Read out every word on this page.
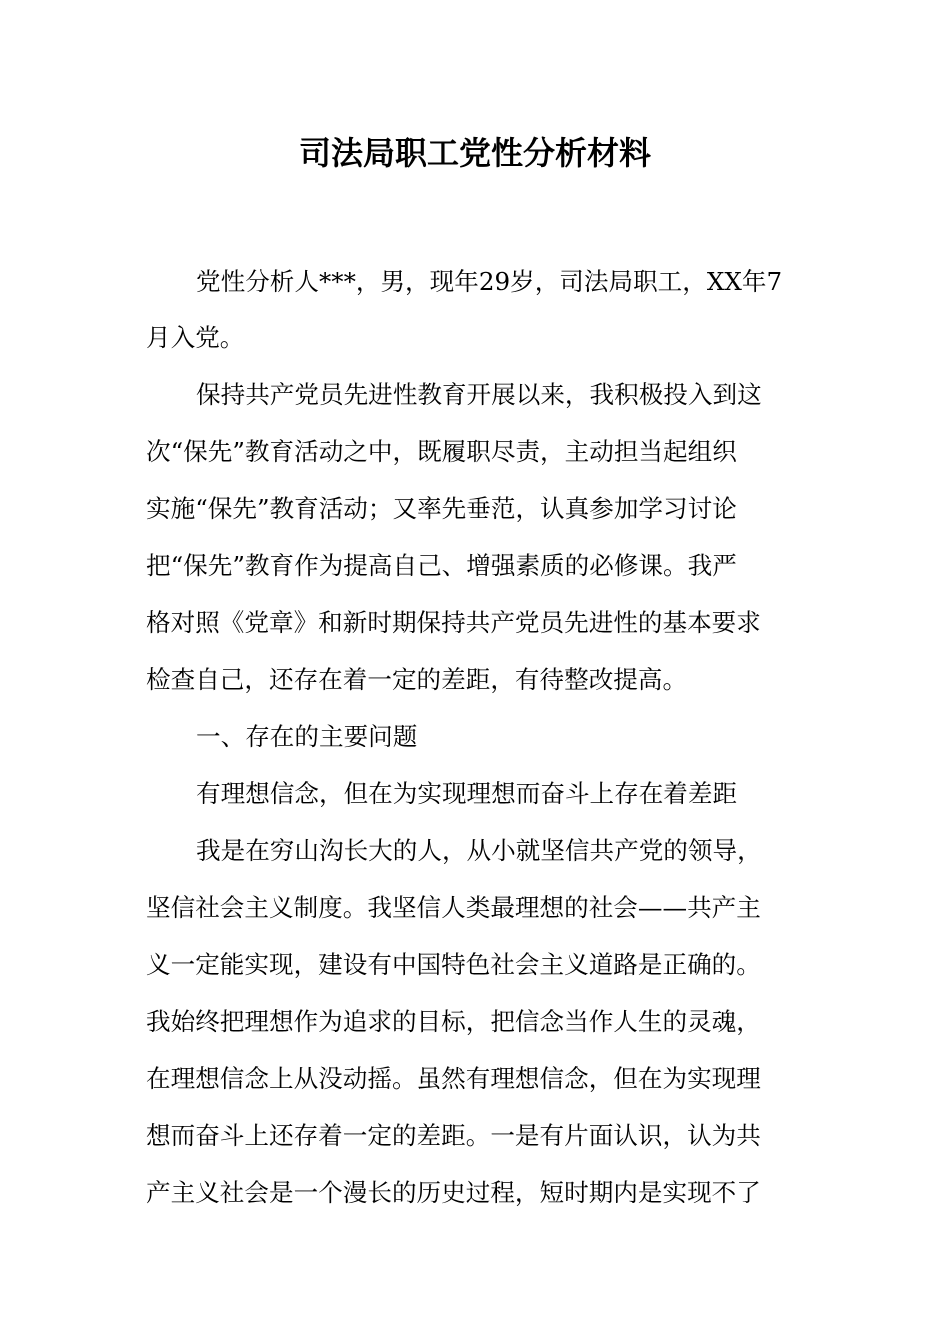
司法局职工党性分析材料
党性分析人***，男，现年29岁，司法局职工，XX年7
月入党。
保持共产党员先进性教育开展以来，我积极投入到这
次“保先”教育活动之中，既履职尽责，主动担当起组织
实施“保先”教育活动；又率先垂范，认真参加学习讨论
把“保先”教育作为提高自己、增强素质的必修课。我严
格对照《党章》和新时期保持共产党员先进性的基本要求
检查自己，还存在着一定的差距，有待整改提高。
一、存在的主要问题
有理想信念，但在为实现理想而奋斗上存在着差距
我是在穷山沟长大的人，从小就坚信共产党的领导，
坚信社会主义制度。我坚信人类最理想的社会——共产主
义一定能实现，建设有中国特色社会主义道路是正确的。
我始终把理想作为追求的目标，把信念当作人生的灵魂，
在理想信念上从没动摇。虽然有理想信念，但在为实现理
想而奋斗上还存着一定的差距。一是有片面认识，认为共
产主义社会是一个漫长的历史过程，短时期内是实现不了
